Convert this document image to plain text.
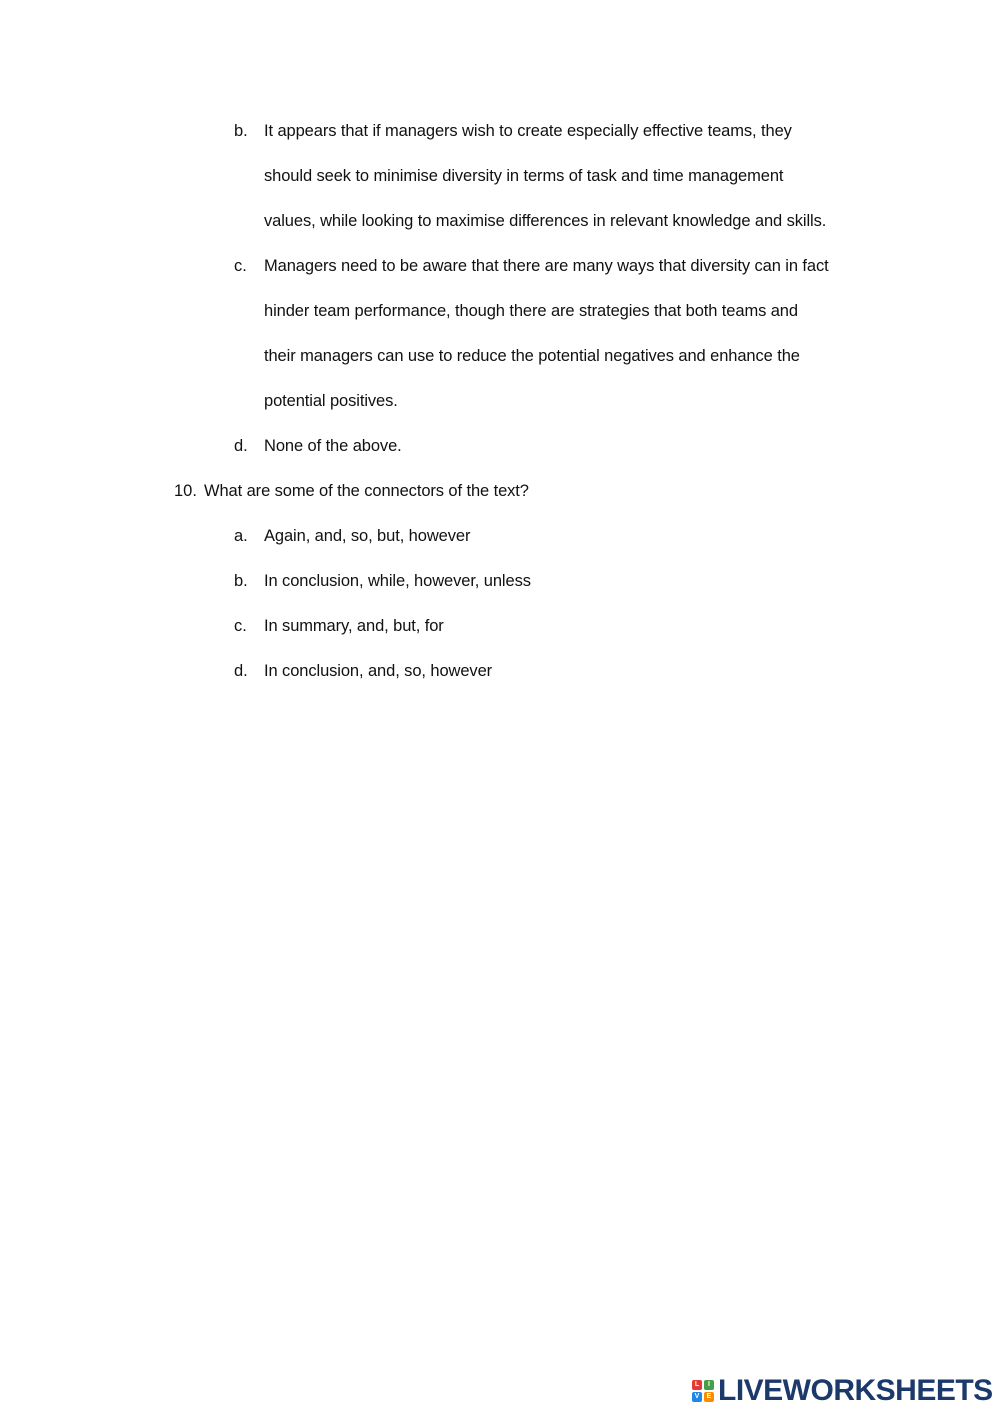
b. It appears that if managers wish to create especially effective teams, they
should seek to minimise diversity in terms of task and time management
values, while looking to maximise differences in relevant knowledge and skills.
c. Managers need to be aware that there are many ways that diversity can in fact
hinder team performance, though there are strategies that both teams and
their managers can use to reduce the potential negatives and enhance the
potential positives.
d. None of the above.
10. What are some of the connectors of the text?
a. Again, and, so, but, however
b. In conclusion, while, however, unless
c. In summary, and, but, for
d. In conclusion, and, so, however
L	I
V	E LIVEWORKSHEETS
